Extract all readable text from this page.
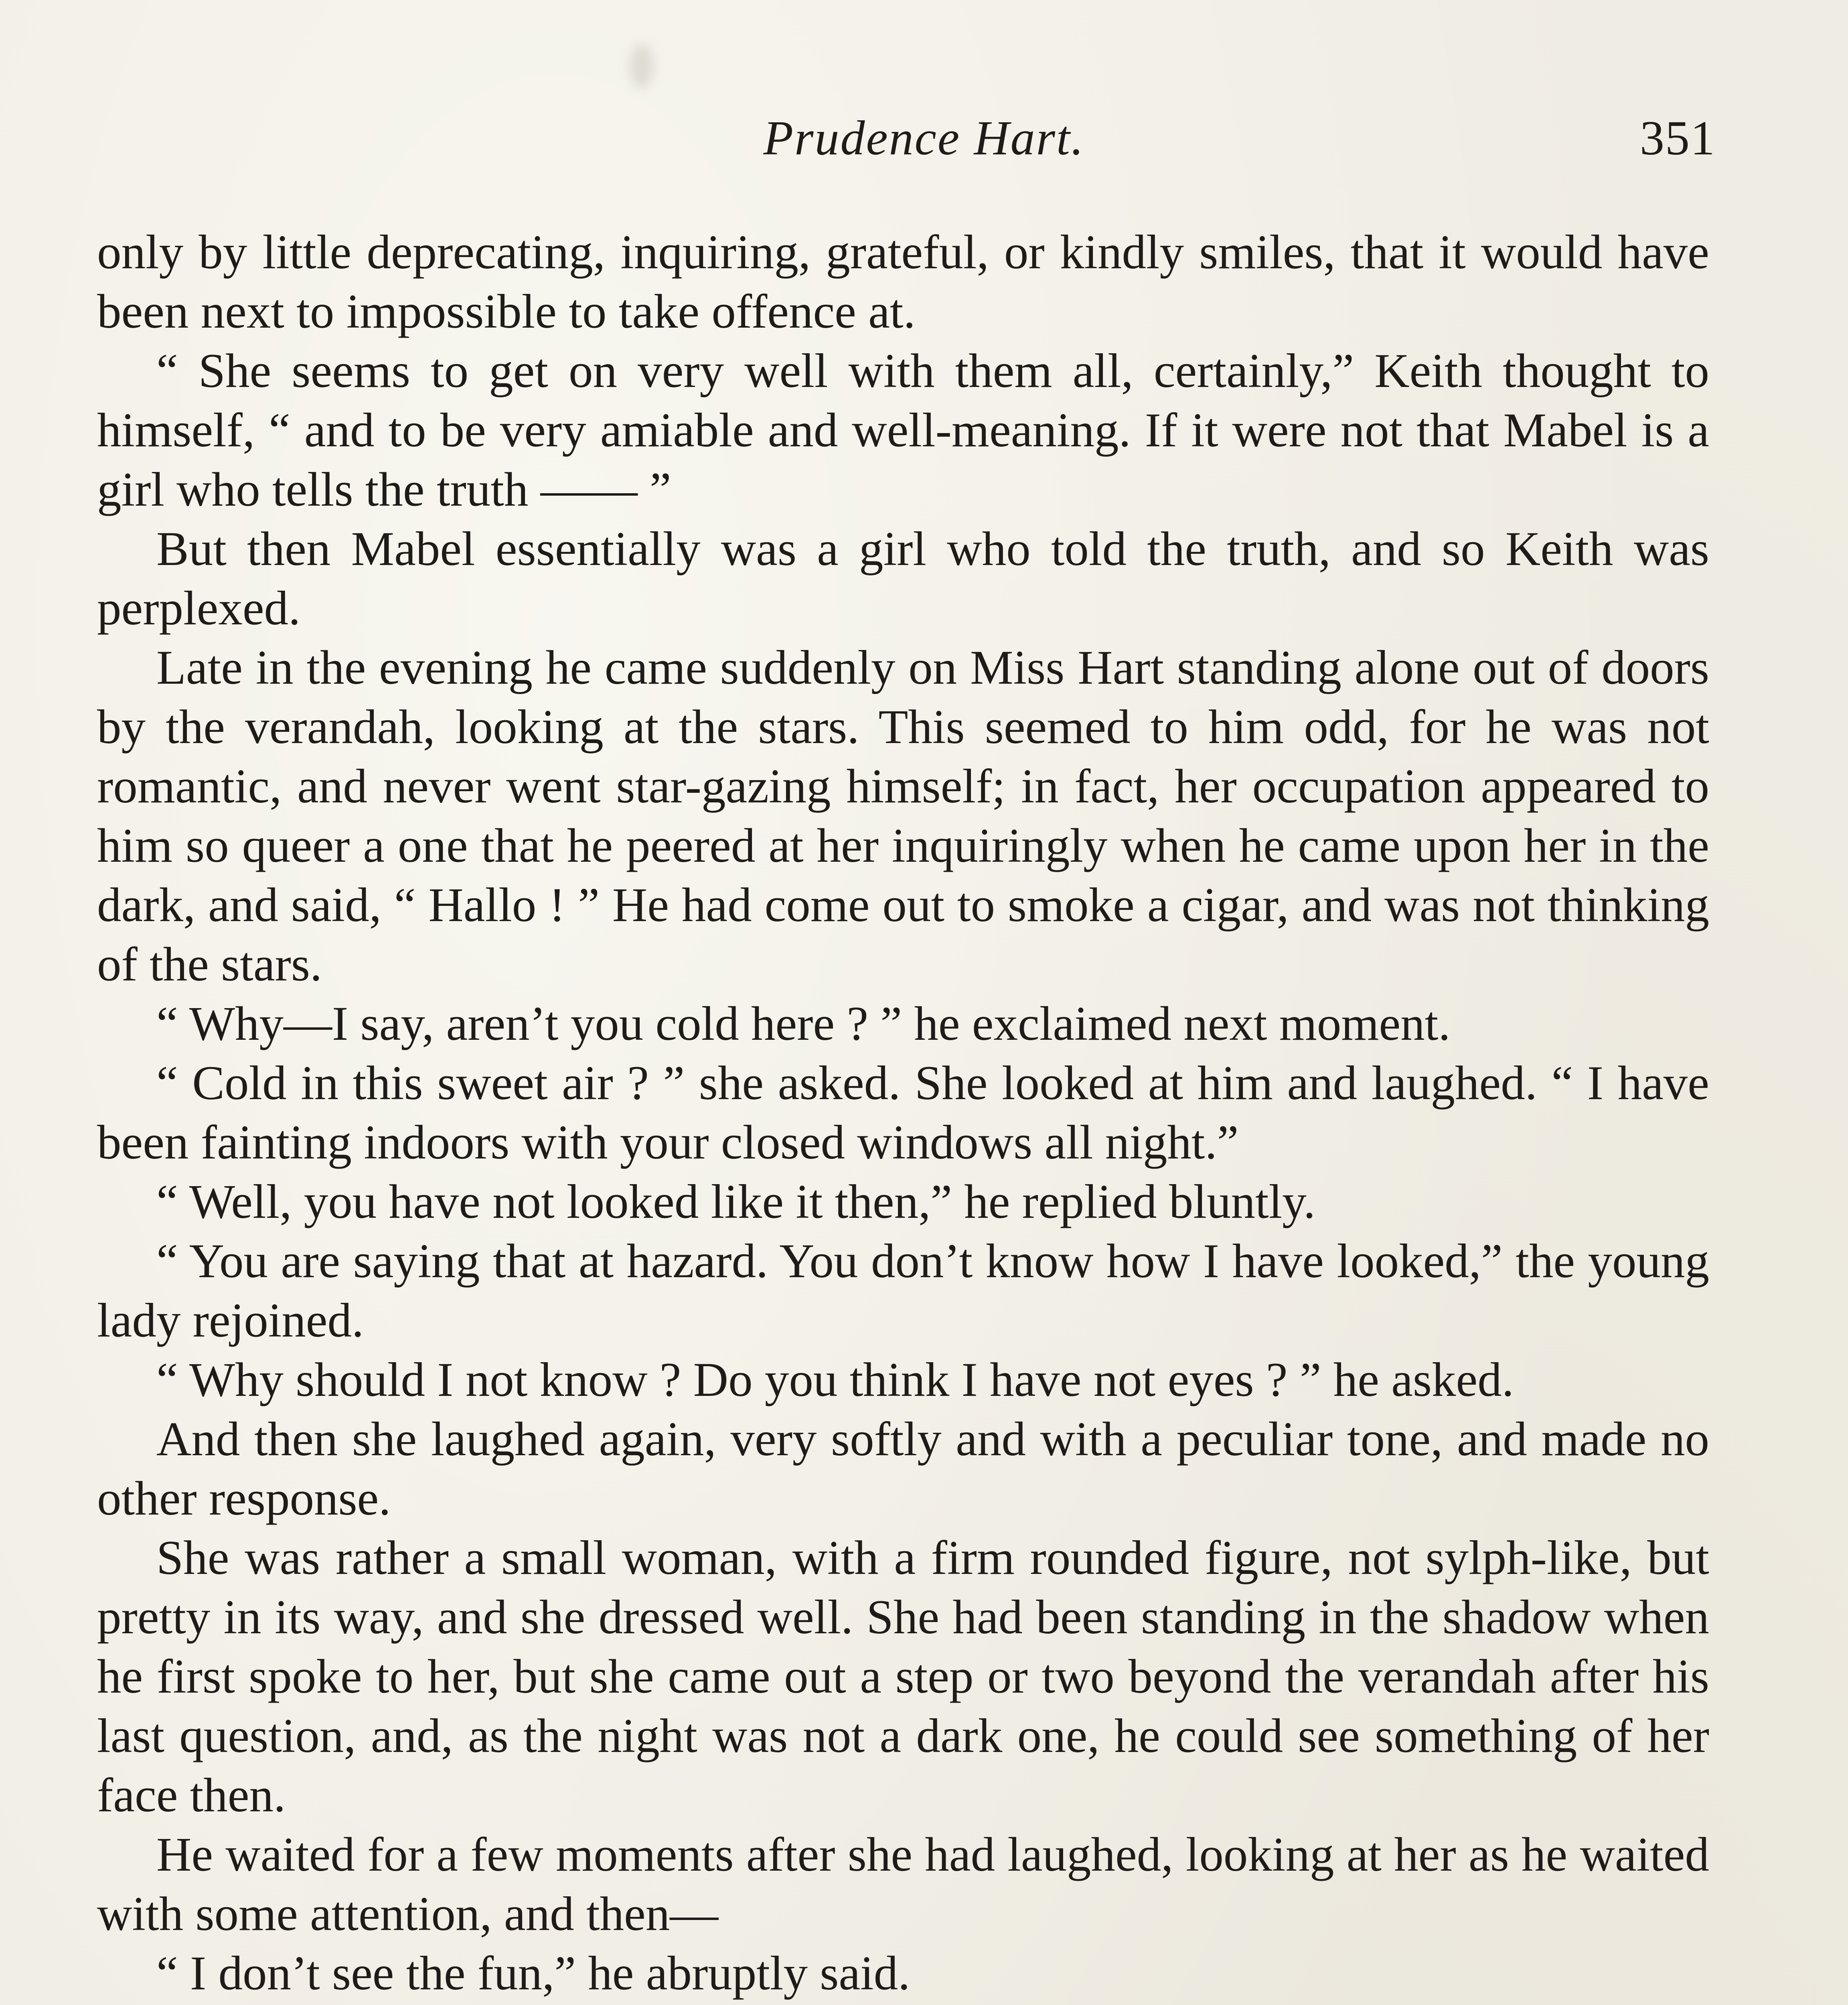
Prudence Hart.	351

only by little deprecating, inquiring, grateful, or kindly smiles, that it would have been next to impossible to take offence at.

“ She seems to get on very well with them all, certainly,” Keith thought to himself, “ and to be very amiable and well-meaning. If it were not that Mabel is a girl who tells the truth —— ”

But then Mabel essentially was a girl who told the truth, and so Keith was perplexed.

Late in the evening he came suddenly on Miss Hart standing alone out of doors by the verandah, looking at the stars. This seemed to him odd, for he was not romantic, and never went star-gazing himself; in fact, her occupation appeared to him so queer a one that he peered at her inquiringly when he came upon her in the dark, and said, “ Hallo ! ” He had come out to smoke a cigar, and was not thinking of the stars.

“ Why—I say, aren’t you cold here ? ” he exclaimed next moment.

“ Cold in this sweet air ? ” she asked. She looked at him and laughed. “ I have been fainting indoors with your closed windows all night.”

“ Well, you have not looked like it then,” he replied bluntly.

“ You are saying that at hazard. You don’t know how I have looked,” the young lady rejoined.

“ Why should I not know ? Do you think I have not eyes ? ” he asked.

And then she laughed again, very softly and with a peculiar tone, and made no other response.

She was rather a small woman, with a firm rounded figure, not sylph-like, but pretty in its way, and she dressed well. She had been standing in the shadow when he first spoke to her, but she came out a step or two beyond the verandah after his last question, and, as the night was not a dark one, he could see something of her face then.

He waited for a few moments after she had laughed, looking at her as he waited with some attention, and then—

“ I don’t see the fun,” he abruptly said.
